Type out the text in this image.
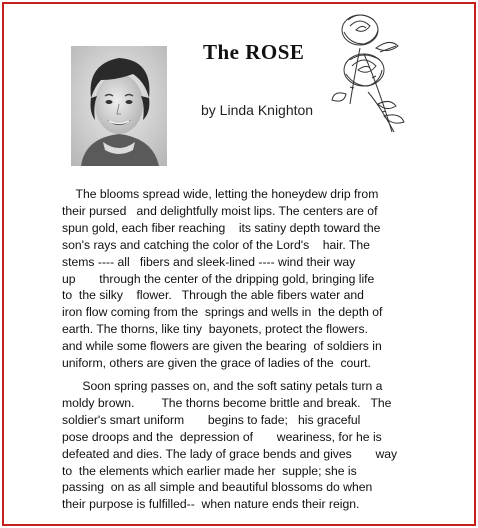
The ROSE
by Linda Knighton

The blooms spread wide, letting the honeydew drip from
their pursed   and delightfully moist lips. The centers are of
spun gold, each fiber reaching    its satiny depth toward the
son's rays and catching the color of the Lord's    hair. The
stems ---- all   fibers and sleek-lined ---- wind their way
up       through the center of the dripping gold, bringing life
to  the silky    flower.   Through the able fibers water and
iron flow coming from the  springs and wells in  the depth of
earth. The thorns, like tiny  bayonets, protect the flowers.
and while some flowers are given the bearing  of soldiers in
uniform, others are given the grace of ladies of the  court.

Soon spring passes on, and the soft satiny petals turn a
moldy brown.        The thorns become brittle and break.   The
soldier's smart uniform       begins to fade;   his graceful
pose droops and the  depression of       weariness, for he is
defeated and dies. The lady of grace bends and gives       way
to  the elements which earlier made her  supple; she is
passing  on as all simple and beautiful blossoms do when
their purpose is fulfilled--  when nature ends their reign.
